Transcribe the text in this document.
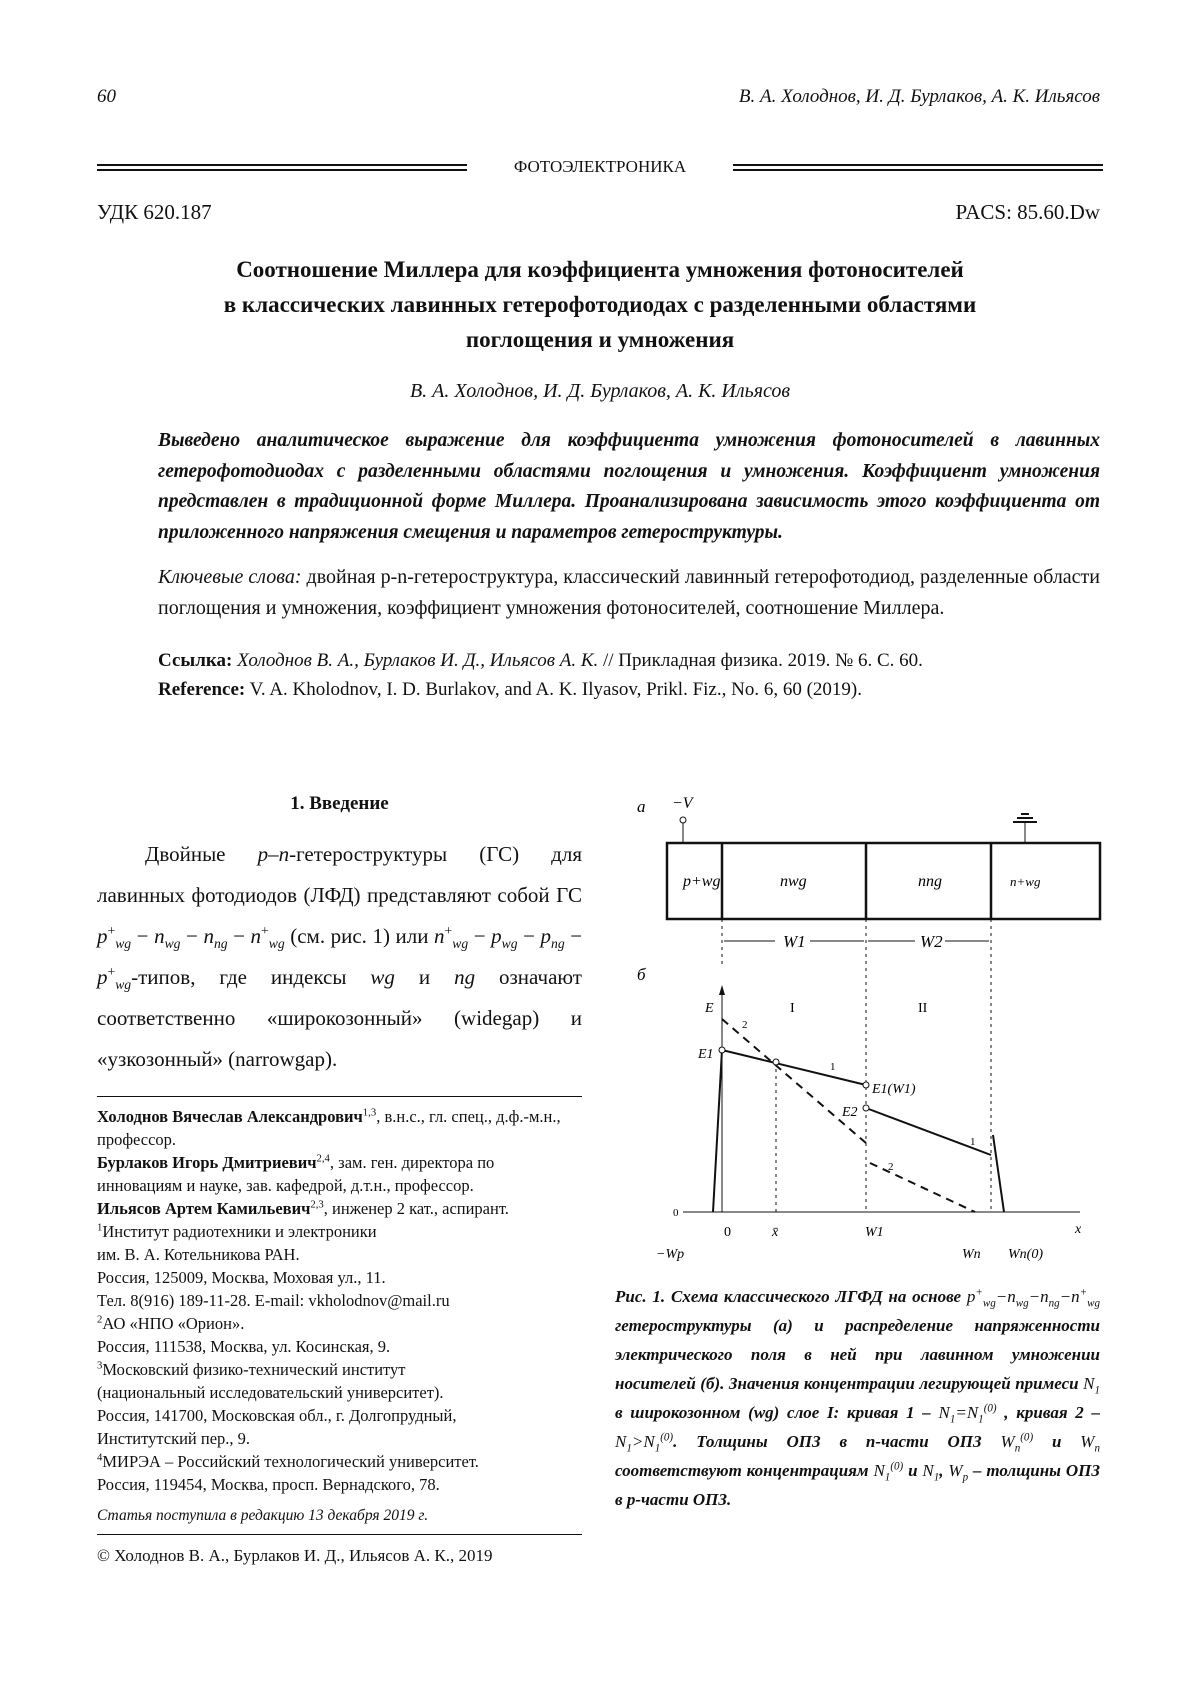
60	В. А. Холоднов, И. Д. Бурлаков, А. К. Ильясов
ФОТОЭЛЕКТРОНИКА
УДК 620.187	PACS: 85.60.Dw
Соотношение Миллера для коэффициента умножения фотоносителей
в классических лавинных гетерофотодиодах с разделенными областями
поглощения и умножения
В. А. Холоднов, И. Д. Бурлаков, А. К. Ильясов
Выведено аналитическое выражение для коэффициента умножения фотоносителей в лавинных гетерофотодиодах с разделенными областями поглощения и умножения. Коэффициент умножения представлен в традиционной форме Миллера. Проанализирована зависимость этого коэффициента от приложенного напряжения смещения и параметров гетероструктуры.
Ключевые слова: двойная p-n-гетероструктура, классический лавинный гетерофотодиод, разделенные области поглощения и умножения, коэффициент умножения фотоносителей, соотношение Миллера.
Ссылка: Холоднов В. А., Бурлаков И. Д., Ильясов А. К. // Прикладная физика. 2019. № 6. С. 60.
Reference: V. A. Kholodnov, I. D. Burlakov, and A. K. Ilyasov, Prikl. Fiz., No. 6, 60 (2019).
1. Введение
Двойные p–n-гетероструктуры (ГС) для лавинных фотодиодов (ЛФД) представляют собой ГС p+wg − nwg − nng − n+wg (см. рис. 1) или n+wg − pwg − png − p+wg-типов, где индексы wg и ng означают соответственно «широкозонный» (widegap) и «узкозонный» (narrowgap).
Холоднов Вячеслав Александрович1,3, в.н.с., гл. спец., д.ф.-м.н., профессор.
Бурлаков Игорь Дмитриевич2,4, зам. ген. директора по инновациям и науке, зав. кафедрой, д.т.н., профессор.
Ильясов Артем Камильевич2,3, инженер 2 кат., аспирант.
1Институт радиотехники и электроники
им. В. А. Котельникова РАН.
Россия, 125009, Москва, Моховая ул., 11.
Тел. 8(916) 189-11-28. E-mail: vkholodnov@mail.ru
2АО «НПО «Орион».
Россия, 111538, Москва, ул. Косинская, 9.
3Московский физико-технический институт
(национальный исследовательский университет).
Россия, 141700, Московская обл., г. Долгопрудный,
Институтский пер., 9.
4МИРЭА – Российский технологический университет.
Россия, 119454, Москва, просп. Вернадского, 78.
Статья поступила в редакцию 13 декабря 2019 г.
© Холоднов В. А., Бурлаков И. Д., Ильясов А. К., 2019
а −V
p+wg	nwg	nng	n+wg
W1	W2
б
E
E1
E1(W1)
E2
I	II
1
1
2
2
0
x
−Wp
0	x̄	W1
Wn Wn(0)
Рис. 1. Схема классического ЛГФД на основе p+wg−nwg−nng−n+wg гетероструктуры (а) и распределение напряженности электрического поля в ней при лавинном умножении носителей (б). Значения концентрации легирующей примеси N1 в широкозонном (wg) слое I: кривая 1 – N1=N1(0) , кривая 2 – N1>N1(0). Толщины ОПЗ в n-части ОПЗ Wn(0) и Wn соответствуют концентрациям N1(0) и N1, Wp – толщины ОПЗ в p-части ОПЗ.
